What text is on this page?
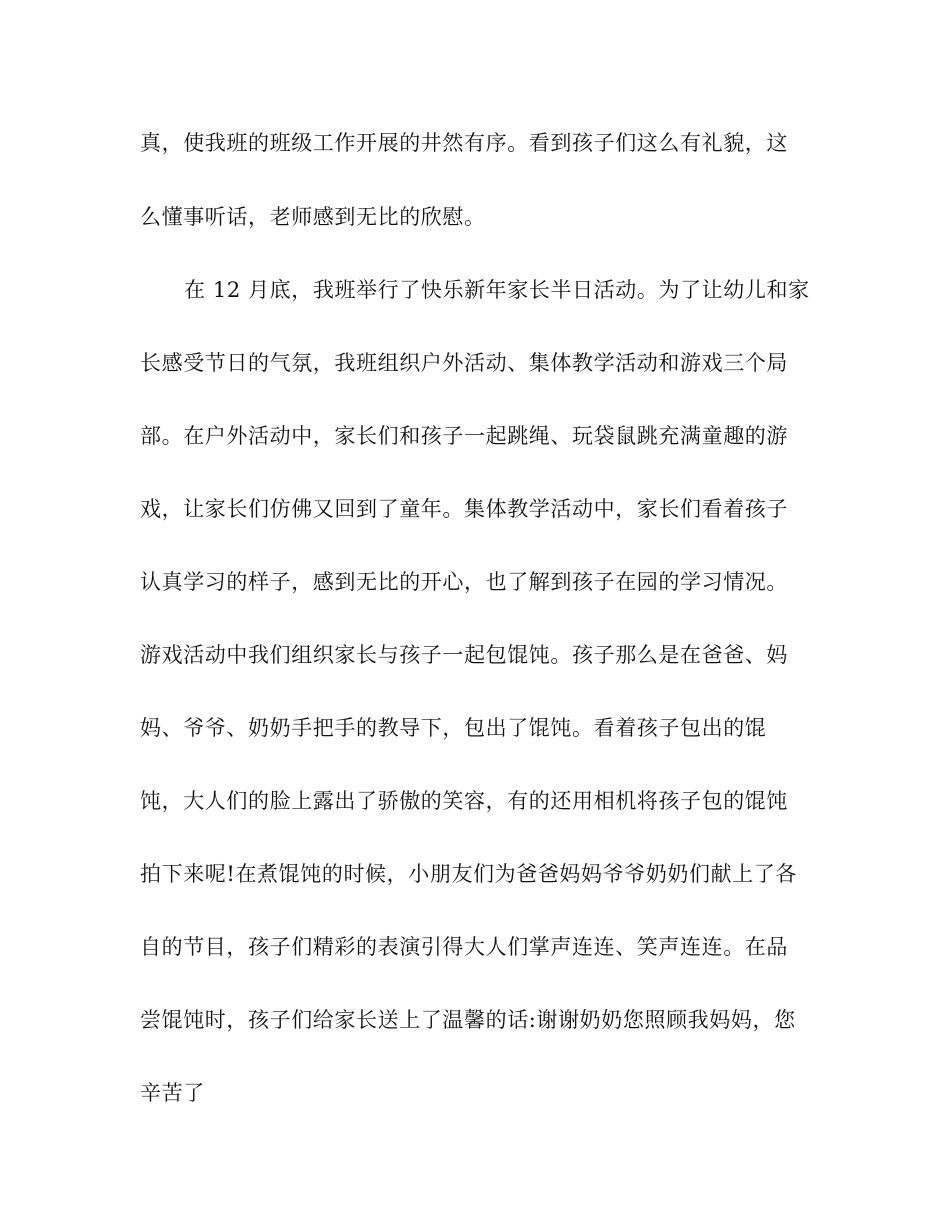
真，使我班的班级工作开展的井然有序。看到孩子们这么有礼貌，这
么懂事听话，老师感到无比的欣慰。
在 12 月底，我班举行了快乐新年家长半日活动。为了让幼儿和家
长感受节日的气氛，我班组织户外活动、集体教学活动和游戏三个局
部。在户外活动中，家长们和孩子一起跳绳、玩袋鼠跳充满童趣的游
戏，让家长们仿佛又回到了童年。集体教学活动中，家长们看着孩子
认真学习的样子，感到无比的开心，也了解到孩子在园的学习情况。
游戏活动中我们组织家长与孩子一起包馄饨。孩子那么是在爸爸、妈
妈、爷爷、奶奶手把手的教导下，包出了馄饨。看着孩子包出的馄
饨，大人们的脸上露出了骄傲的笑容，有的还用相机将孩子包的馄饨
拍下来呢!在煮馄饨的时候，小朋友们为爸爸妈妈爷爷奶奶们献上了各
自的节目，孩子们精彩的表演引得大人们掌声连连、笑声连连。在品
尝馄饨时，孩子们给家长送上了温馨的话:谢谢奶奶您照顾我妈妈，您
辛苦了
